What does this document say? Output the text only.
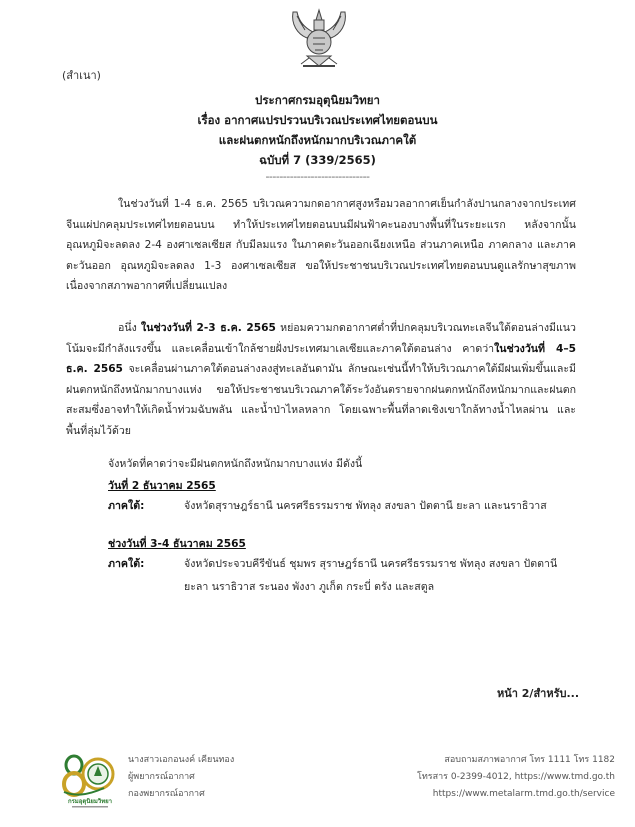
(สำเนา)
ประกาศกรมอุตุนิยมวิทยา
เรื่อง อากาศแปรปรวนบริเวณประเทศไทยตอนบน
และฝนตกหนักถึงหนักมากบริเวณภาคใต้
ฉบับที่ 7 (339/2565)
------------------------------

ในช่วงวันที่ 1-4 ธ.ค. 2565 บริเวณความกดอากาศสูงหรือมวลอากาศเย็นกำลังปานกลางจากประเทศจีนแผ่ปกคลุมประเทศไทยตอนบน ทำให้ประเทศไทยตอนบนมีฝนฟ้าคะนองบางพื้นที่ในระยะแรก หลังจากนั้นอุณหภูมิจะลดลง 2-4 องศาเซลเซียส กับมีลมแรง ในภาคตะวันออกเฉียงเหนือ ส่วนภาคเหนือ ภาคกลาง และภาคตะวันออก อุณหภูมิจะลดลง 1-3 องศาเซลเซียส ขอให้ประชาชนบริเวณประเทศไทยตอนบนดูแลรักษาสุขภาพเนื่องจากสภาพอากาศที่เปลี่ยนแปลง

อนึ่ง ในช่วงวันที่ 2-3 ธ.ค. 2565 หย่อมความกดอากาศต่ำที่ปกคลุมบริเวณทะเลจีนใต้ตอนล่างมีแนวโน้มจะมีกำลังแรงขึ้น และเคลื่อนเข้าใกล้ชายฝั่งประเทศมาเลเซียและภาคใต้ตอนล่าง คาดว่าในช่วงวันที่ 4–5 ธ.ค. 2565 จะเคลื่อนผ่านภาคใต้ตอนล่างลงสู่ทะเลอันดามัน ลักษณะเช่นนี้ทำให้บริเวณภาคใต้มีฝนเพิ่มขึ้นและมีฝนตกหนักถึงหนักมากบางแห่ง ขอให้ประชาชนบริเวณภาคใต้ระวังอันตรายจากฝนตกหนักถึงหนักมากและฝนตกสะสมซึ่งอาจทำให้เกิดน้ำท่วมฉับพลัน และน้ำป่าไหลหลาก โดยเฉพาะพื้นที่ลาดเชิงเขาใกล้ทางน้ำไหลผ่าน และพื้นที่ลุ่มไว้ด้วย

จังหวัดที่คาดว่าจะมีฝนตกหนักถึงหนักมากบางแห่ง มีดังนี้
วันที่ 2 ธันวาคม 2565
ภาคใต้:	จังหวัดสุราษฎร์ธานี นครศรีธรรมราช พัทลุง สงขลา ปัตตานี ยะลา และนราธิวาส
ช่วงวันที่ 3-4 ธันวาคม 2565
ภาคใต้:	จังหวัดประจวบคีรีขันธ์ ชุมพร สุราษฎร์ธานี นครศรีธรรมราช พัทลุง สงขลา ปัตตานี
ยะลา นราธิวาส ระนอง พังงา ภูเก็ต กระบี่ ตรัง และสตูล
หน้า 2/สำหรับ...
กรมอุตุนิยมวิทยา
นางสาวเอกอนงค์ เคียนทอง
ผู้พยากรณ์อากาศ
กองพยากรณ์อากาศ
สอบถามสภาพอากาศ โทร 1111 โทร 1182
โทรสาร 0-2399-4012, https://www.tmd.go.th
https://www.metalarm.tmd.go.th/service
